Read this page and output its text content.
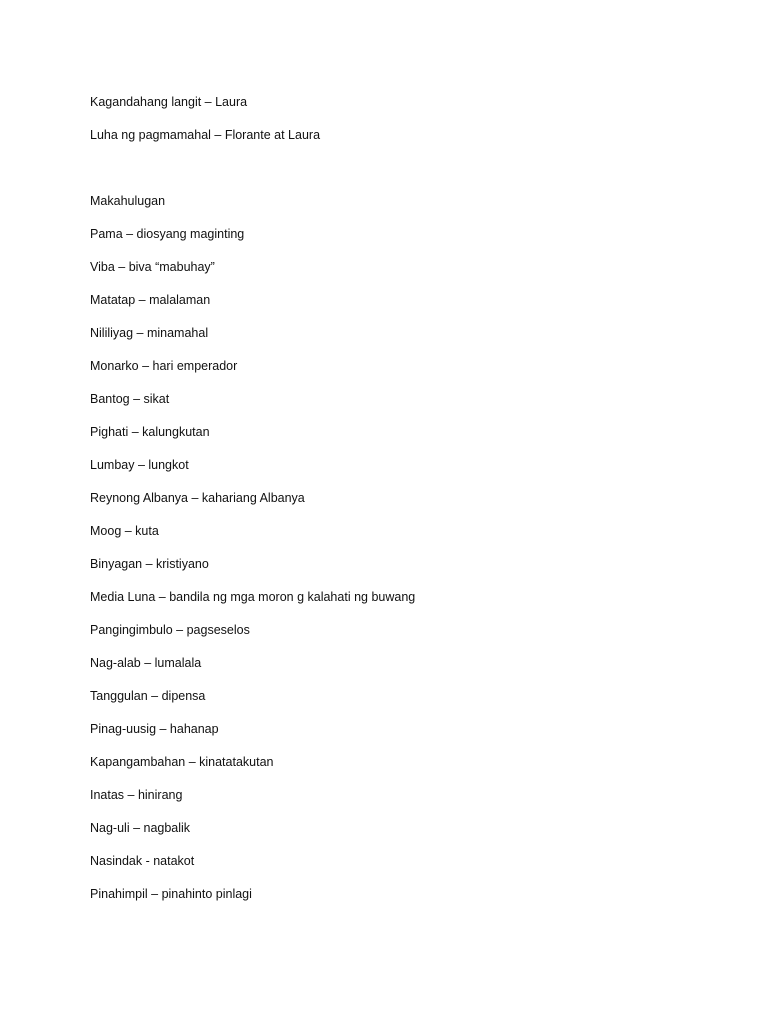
Kagandahang langit – Laura
Luha ng pagmamahal – Florante at Laura
Makahulugan
Pama – diosyang maginting
Viba – biva “mabuhay”
Matatap – malalaman
Nililiyag – minamahal
Monarko – hari emperador
Bantog – sikat
Pighati – kalungkutan
Lumbay – lungkot
Reynong Albanya – kahariang Albanya
Moog – kuta
Binyagan – kristiyano
Media Luna – bandila ng mga moron g kalahati ng buwang
Pangingimbulo – pagseselos
Nag-alab – lumalala
Tanggulan – dipensa
Pinag-uusig – hahanap
Kapangambahan – kinatatakutan
Inatas – hinirang
Nag-uli – nagbalik
Nasindak - natakot
Pinahimpil – pinahinto pinlagi
